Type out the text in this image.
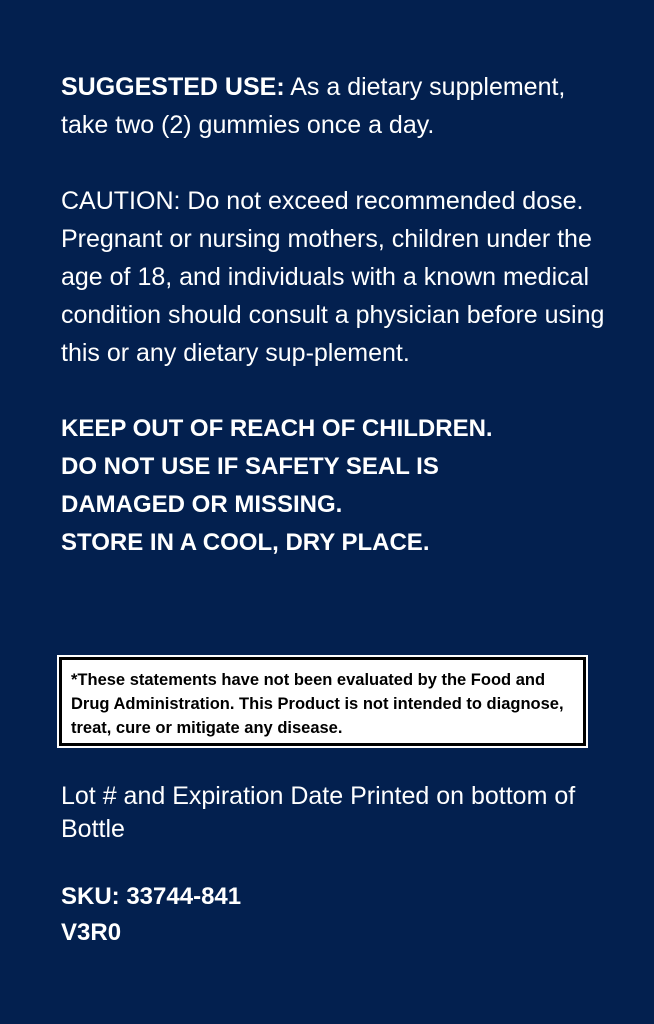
SUGGESTED USE: As a dietary supplement, take two (2) gummies once a day.

CAUTION: Do not exceed recommended dose. Pregnant or nursing mothers, children under the age of 18, and individuals with a known medical condition should consult a physician before using this or any dietary sup-plement.

KEEP OUT OF REACH OF CHILDREN.
DO NOT USE IF SAFETY SEAL IS
DAMAGED OR MISSING.
STORE IN A COOL, DRY PLACE.

*These statements have not been evaluated by the Food and Drug Administration. This Product is not intended to diagnose, treat, cure or mitigate any disease.

Lot # and Expiration Date Printed on bottom of Bottle

SKU: 33744-841
V3R0
